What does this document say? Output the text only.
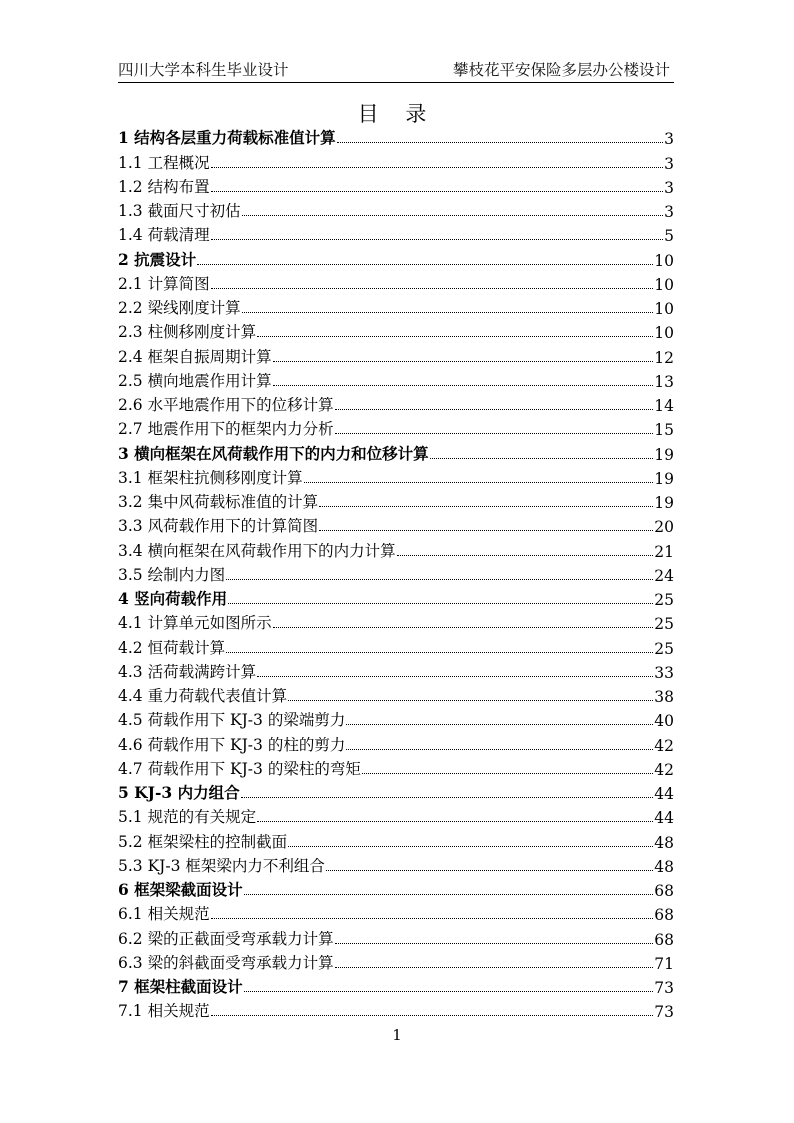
四川大学本科生毕业设计	攀枝花平安保险多层办公楼设计
目 录
1 结构各层重力荷载标准值计算	3
1.1 工程概况	3
1.2 结构布置	3
1.3 截面尺寸初估	3
1.4 荷载清理	5
2 抗震设计	10
2.1 计算简图	10
2.2 梁线刚度计算	10
2.3 柱侧移刚度计算	10
2.4 框架自振周期计算	12
2.5 横向地震作用计算	13
2.6 水平地震作用下的位移计算	14
2.7 地震作用下的框架内力分析	15
3 横向框架在风荷载作用下的内力和位移计算	19
3.1 框架柱抗侧移刚度计算	19
3.2 集中风荷载标准值的计算	19
3.3 风荷载作用下的计算简图	20
3.4 横向框架在风荷载作用下的内力计算	21
3.5 绘制内力图	24
4 竖向荷载作用	25
4.1 计算单元如图所示	25
4.2 恒荷载计算	25
4.3 活荷载满跨计算	33
4.4 重力荷载代表值计算	38
4.5 荷载作用下 KJ-3 的梁端剪力	40
4.6 荷载作用下 KJ-3 的柱的剪力	42
4.7 荷载作用下 KJ-3 的梁柱的弯矩	42
5 KJ-3 内力组合	44
5.1 规范的有关规定	44
5.2 框架梁柱的控制截面	48
5.3 KJ-3 框架梁内力不利组合	48
6 框架梁截面设计	68
6.1 相关规范	68
6.2 梁的正截面受弯承载力计算	68
6.3 梁的斜截面受弯承载力计算	71
7 框架柱截面设计	73
7.1 相关规范	73
1
